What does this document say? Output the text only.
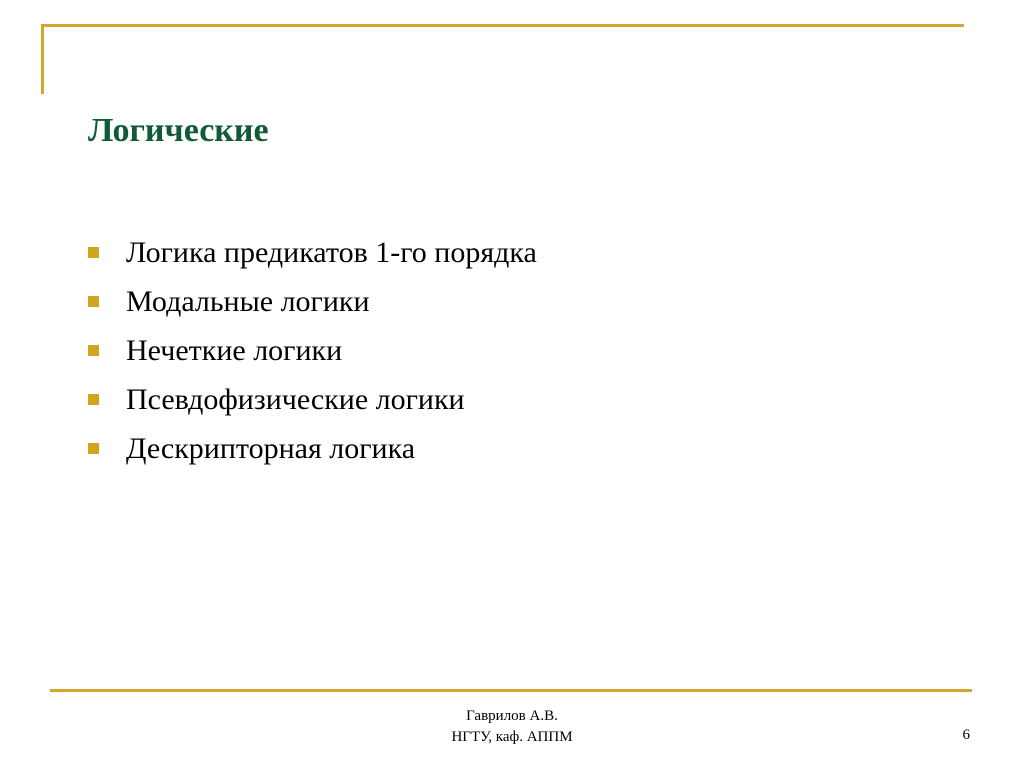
Логические
Логика предикатов 1-го порядка
Модальные логики
Нечеткие логики
Псевдофизические логики
Дескрипторная логика
Гаврилов А.В.
НГТУ, каф. АППМ	6
